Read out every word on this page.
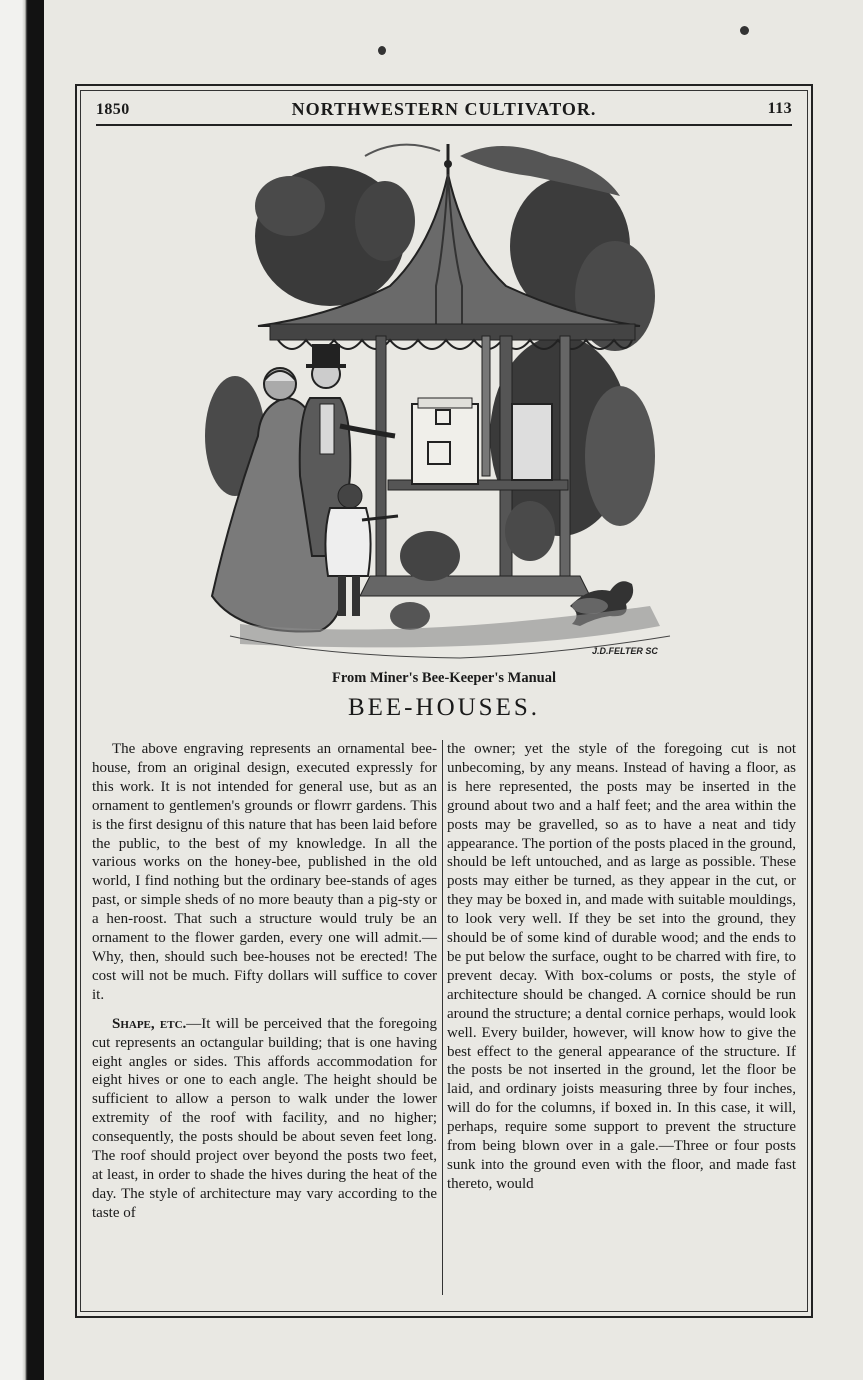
1850	NORTHWESTERN CULTIVATOR.	113
J.D.FELTER SC
From Miner's Bee-Keeper's Manual
BEE-HOUSES.

The above engraving represents an ornamental bee-house, from an original design, executed expressly for this work. It is not intended for general use, but as an ornament to gentlemen's grounds or flowrr gardens. This is the first designu of this nature that has been laid before the public, to the best of my knowledge. In all the various works on the honey-bee, published in the old world, I find nothing but the ordinary bee-stands of ages past, or simple sheds of no more beauty than a pig-sty or a hen-roost. That such a structure would truly be an ornament to the flower garden, every one will admit.—Why, then, should such bee-houses not be erected! The cost will not be much. Fifty dollars will suffice to cover it.

Shape, etc.—It will be perceived that the foregoing cut represents an octangular building; that is one having eight angles or sides. This affords accommodation for eight hives or one to each angle. The height should be sufficient to allow a person to walk under the lower extremity of the roof with facility, and no higher; consequently, the posts should be about seven feet long. The roof should project over beyond the posts two feet, at least, in order to shade the hives during the heat of the day. The style of architecture may vary according to the taste of

the owner; yet the style of the foregoing cut is not unbecoming, by any means. Instead of having a floor, as is here represented, the posts may be inserted in the ground about two and a half feet; and the area within the posts may be gravelled, so as to have a neat and tidy appearance. The portion of the posts placed in the ground, should be left untouched, and as large as possible. These posts may either be turned, as they appear in the cut, or they may be boxed in, and made with suitable mouldings, to look very well. If they be set into the ground, they should be of some kind of durable wood; and the ends to be put below the surface, ought to be charred with fire, to prevent decay. With box-colums or posts, the style of architecture should be changed. A cornice should be run around the structure; a dental cornice perhaps, would look well. Every builder, however, will know how to give the best effect to the general appearance of the structure. If the posts be not inserted in the ground, let the floor be laid, and ordinary joists measuring three by four inches, will do for the columns, if boxed in. In this case, it will, perhaps, require some support to prevent the structure from being blown over in a gale.—Three or four posts sunk into the ground even with the floor, and made fast thereto, would
